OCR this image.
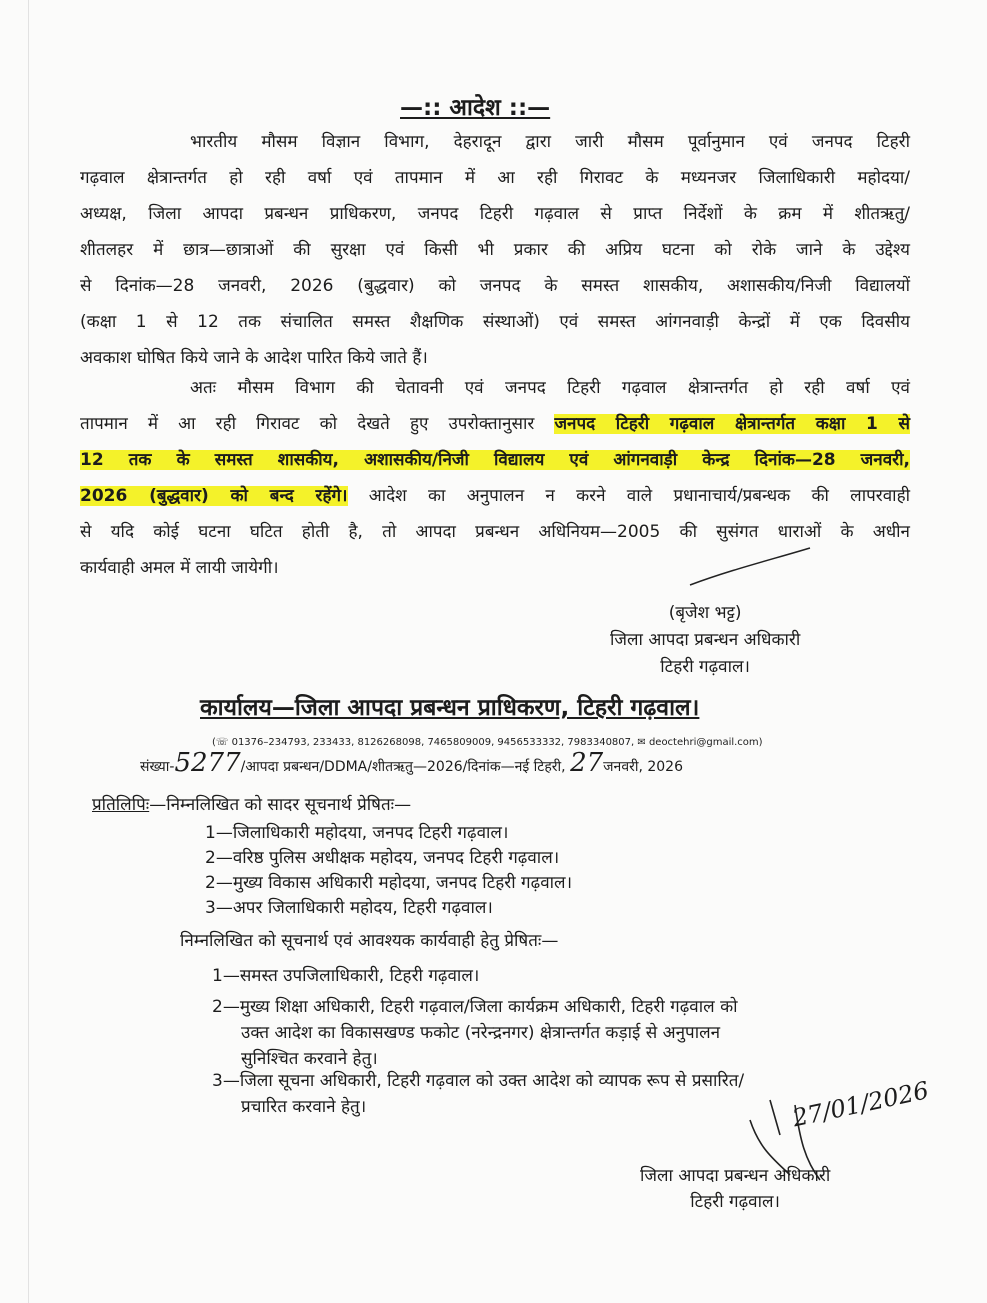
—:: आदेश ::—
भारतीय मौसम विज्ञान विभाग, देहरादून द्वारा जारी मौसम पूर्वानुमान एवं जनपद टिहरी
गढ़वाल क्षेत्रान्तर्गत हो रही वर्षा एवं तापमान में आ रही गिरावट के मध्यनजर जिलाधिकारी महोदया/
अध्यक्ष, जिला आपदा प्रबन्धन प्राधिकरण, जनपद टिहरी गढ़वाल से प्राप्त निर्देशों के क्रम में शीतऋतु/
शीतलहर में छात्र—छात्राओं की सुरक्षा एवं किसी भी प्रकार की अप्रिय घटना को रोके जाने के उद्देश्य
से दिनांक—28 जनवरी, 2026 (बुद्धवार) को जनपद के समस्त शासकीय, अशासकीय/निजी विद्यालयों
(कक्षा 1 से 12 तक संचालित समस्त शैक्षणिक संस्थाओं) एवं समस्त आंगनवाड़ी केन्द्रों में एक दिवसीय
अवकाश घोषित किये जाने के आदेश पारित किये जाते हैं।
अतः मौसम विभाग की चेतावनी एवं जनपद टिहरी गढ़वाल क्षेत्रान्तर्गत हो रही वर्षा एवं
तापमान में आ रही गिरावट को देखते हुए उपरोक्तानुसार जनपद टिहरी गढ़वाल क्षेत्रान्तर्गत कक्षा 1 से
12 तक के समस्त शासकीय, अशासकीय/निजी विद्यालय एवं आंगनवाड़ी केन्द्र दिनांक—28 जनवरी,
2026 (बुद्धवार) को बन्द रहेंगे। आदेश का अनुपालन न करने वाले प्रधानाचार्य/प्रबन्धक की लापरवाही
से यदि कोई घटना घटित होती है, तो आपदा प्रबन्धन अधिनियम—2005 की सुसंगत धाराओं के अधीन
कार्यवाही अमल में लायी जायेगी।
(बृजेश भट्ट)
जिला आपदा प्रबन्धन अधिकारी
टिहरी गढ़वाल।
कार्यालय—जिला आपदा प्रबन्धन प्राधिकरण, टिहरी गढ़वाल।
(☏ 01376–234793, 233433, 8126268098, 7465809009, 9456533332, 7983340807, ✉ deoctehri@gmail.com)
संख्या-5277/आपदा प्रबन्धन/DDMA/शीतऋतु—2026/दिनांक—नई टिहरी, 27जनवरी, 2026
प्रतिलिपिः—निम्नलिखित को सादर सूचनार्थ प्रेषितः—
1—जिलाधिकारी महोदया, जनपद टिहरी गढ़वाल।
2—वरिष्ठ पुलिस अधीक्षक महोदय, जनपद टिहरी गढ़वाल।
2—मुख्य विकास अधिकारी महोदया, जनपद टिहरी गढ़वाल।
3—अपर जिलाधिकारी महोदय, टिहरी गढ़वाल।
निम्नलिखित को सूचनार्थ एवं आवश्यक कार्यवाही हेतु प्रेषितः—
1—समस्त उपजिलाधिकारी, टिहरी गढ़वाल।
2—मुख्य शिक्षा अधिकारी, टिहरी गढ़वाल/जिला कार्यक्रम अधिकारी, टिहरी गढ़वाल को
उक्त आदेश का विकासखण्ड फकोट (नरेन्द्रनगर) क्षेत्रान्तर्गत कड़ाई से अनुपालन
सुनिश्चित करवाने हेतु।
3—जिला सूचना अधिकारी, टिहरी गढ़वाल को उक्त आदेश को व्यापक रूप से प्रसारित/
प्रचारित करवाने हेतु।	27/01/2026
जिला आपदा प्रबन्धन अधिकारी
टिहरी गढ़वाल।
